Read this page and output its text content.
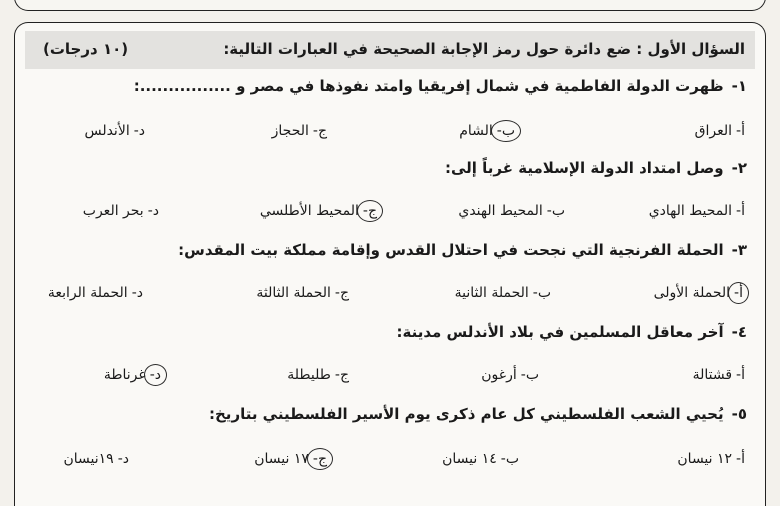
السؤال الأول : ضع دائرة حول رمز الإجابة الصحيحة في العبارات التالية:
(١٠ درجات)
١-ظهرت الدولة الفاطمية في شمال إفريقيا وامتد نفوذها في مصر و ................:
أ-العراق
ب-الشام
ج-الحجاز
د-الأندلس
٢-وصل امتداد الدولة الإسلامية غرباً إلى:
أ-المحيط الهادي
ب-المحيط الهندي
ج-المحيط الأطلسي
د-بحر العرب
٣-الحملة الفرنجية التي نجحت في احتلال القدس وإقامة مملكة بيت المقدس:
أ-الحملة الأولى
ب-الحملة الثانية
ج-الحملة الثالثة
د-الحملة الرابعة
٤-آخر معاقل المسلمين في بلاد الأندلس مدينة:
أ-قشتالة
ب-أرغون
ج-طليطلة
د-غرناطة
٥-يُحيي الشعب الفلسطيني كل عام ذكرى يوم الأسير الفلسطيني بتاريخ:
أ-١٢ نيسان
ب-١٤ نيسان
ج-١٧ نيسان
د-١٩نيسان
